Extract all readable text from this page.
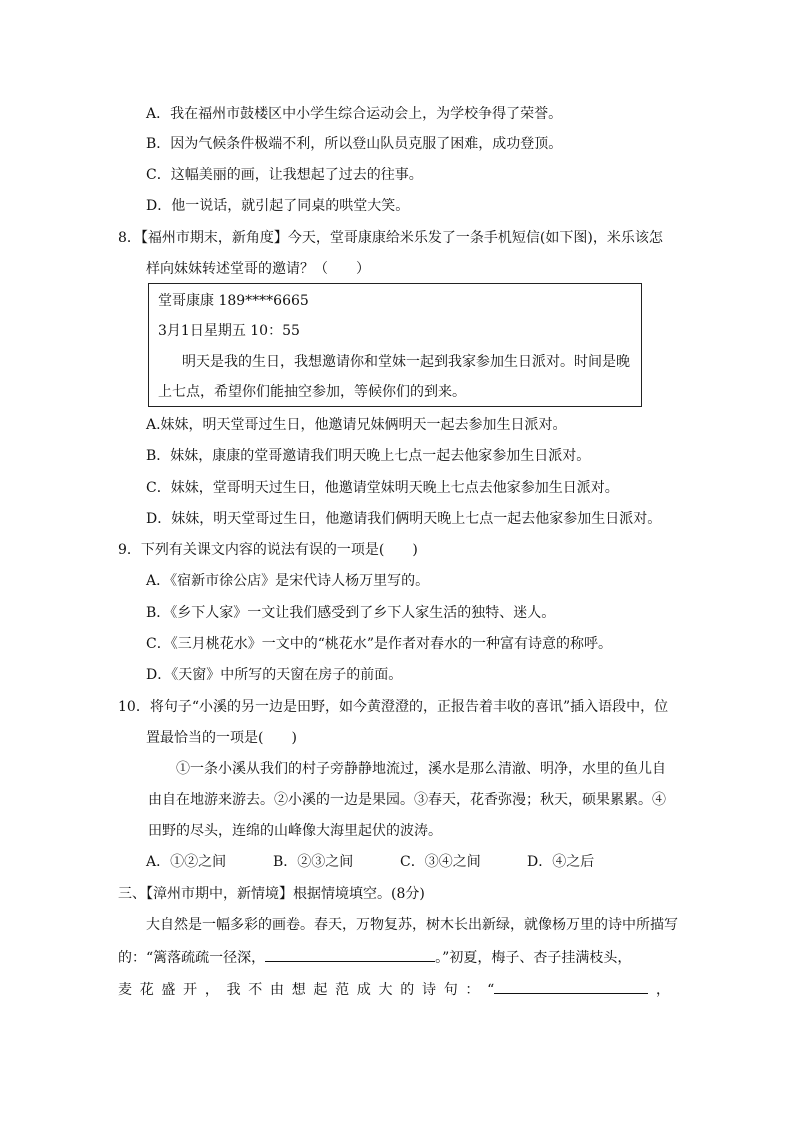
A．我在福州市鼓楼区中小学生综合运动会上，为学校争得了荣誉。
B．因为气候条件极端不利，所以登山队员克服了困难，成功登顶。
C．这幅美丽的画，让我想起了过去的往事。
D．他一说话，就引起了同桌的哄堂大笑。
8．【福州市期末，新角度】今天，堂哥康康给米乐发了一条手机短信(如下图)，米乐该怎
样向妹妹转述堂哥的邀请？（　　）
堂哥康康 189****6665
3月1日星期五 10：55
明天是我的生日，我想邀请你和堂妹一起到我家参加生日派对。时间是晚
上七点，希望你们能抽空参加，等候你们的到来。
A.妹妹，明天堂哥过生日，他邀请兄妹俩明天一起去参加生日派对。
B．妹妹，康康的堂哥邀请我们明天晚上七点一起去他家参加生日派对。
C．妹妹，堂哥明天过生日，他邀请堂妹明天晚上七点去他家参加生日派对。
D．妹妹，明天堂哥过生日，他邀请我们俩明天晚上七点一起去他家参加生日派对。
9．下列有关课文内容的说法有误的一项是(　　)
A．《宿新市徐公店》是宋代诗人杨万里写的。
B．《乡下人家》一文让我们感受到了乡下人家生活的独特、迷人。
C．《三月桃花水》一文中的“桃花水”是作者对春水的一种富有诗意的称呼。
D．《天窗》中所写的天窗在房子的前面。
10．将句子“小溪的另一边是田野，如今黄澄澄的，正报告着丰收的喜讯”插入语段中，位
置最恰当的一项是(　　)
①一条小溪从我们的村子旁静静地流过，溪水是那么清澈、明净，水里的鱼儿自
由自在地游来游去。②小溪的一边是果园。③春天，花香弥漫；秋天，硕果累累。④
田野的尽头，连绵的山峰像大海里起伏的波涛。
A．①②之间	B．②③之间	C．③④之间	D．④之后
三、【漳州市期中，新情境】根据情境填空。(8分)
大自然是一幅多彩的画卷。春天，万物复苏，树木长出新绿，就像杨万里的诗中所描写
的：“篱落疏疏一径深，	。”初夏，梅子、杏子挂满枝头，
麦花盛开，我不由想起范成大的诗句：“	，
